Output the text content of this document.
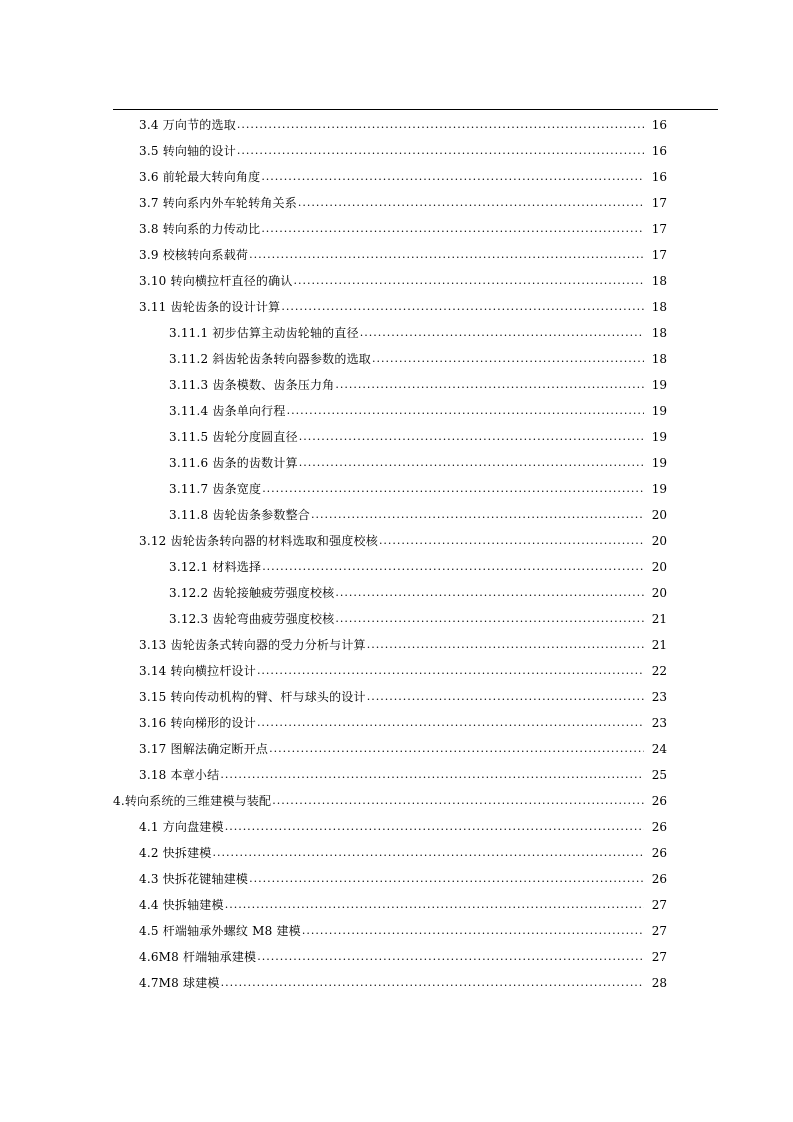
3.4 万向节的选取 .....	16
3.5 转向轴的设计 .....	16
3.6 前轮最大转向角度 .....	16
3.7 转向系内外车轮转角关系 .....	17
3.8 转向系的力传动比 .....	17
3.9 校核转向系载荷 .....	17
3.10 转向横拉杆直径的确认 .....	18
3.11 齿轮齿条的设计计算 .....	18
3.11.1 初步估算主动齿轮轴的直径 .....	18
3.11.2 斜齿轮齿条转向器参数的选取 .....	18
3.11.3 齿条模数、齿条压力角 .....	19
3.11.4 齿条单向行程 .....	19
3.11.5 齿轮分度圆直径 .....	19
3.11.6 齿条的齿数计算 .....	19
3.11.7 齿条宽度 .....	19
3.11.8 齿轮齿条参数整合 .....	20
3.12 齿轮齿条转向器的材料选取和强度校核 .....	20
3.12.1 材料选择 .....	20
3.12.2 齿轮接触疲劳强度校核 .....	20
3.12.3 齿轮弯曲疲劳强度校核 .....	21
3.13 齿轮齿条式转向器的受力分析与计算 .....	21
3.14 转向横拉杆设计 .....	22
3.15 转向传动机构的臂、杆与球头的设计 .....	23
3.16 转向梯形的设计 .....	23
3.17 图解法确定断开点 .....	24
3.18 本章小结 .....	25
4.转向系统的三维建模与装配 .....	26
4.1 方向盘建模 .....	26
4.2 快拆建模 .....	26
4.3 快拆花键轴建模 .....	26
4.4 快拆轴建模 .....	27
4.5 杆端轴承外螺纹 M8 建模 .....	27
4.6M8 杆端轴承建模 .....	27
4.7M8 球建模 .....	28
